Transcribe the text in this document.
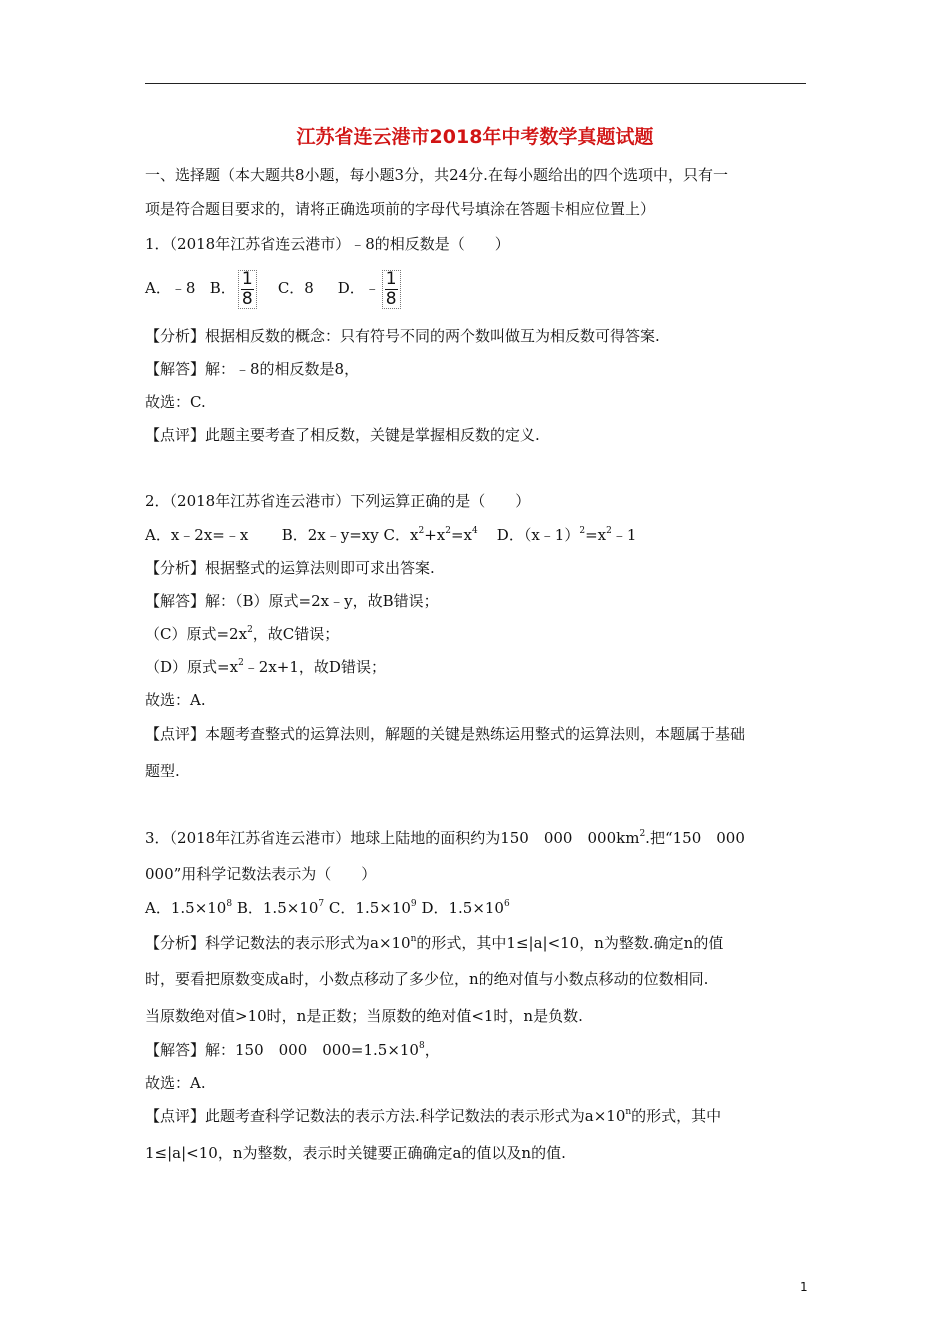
江苏省连云港市2018年中考数学真题试题
一、选择题（本大题共8小题，每小题3分，共24分.在每小题给出的四个选项中，只有一
项是符合题目要求的，请将正确选项前的字母代号填涂在答题卡相应位置上）
1．（2018年江苏省连云港市）﹣8的相反数是（　　）
A．﹣8 B． $\frac{1}{8}$ C．8 D．﹣ $\frac{1}{8}$
【分析】根据相反数的概念：只有符号不同的两个数叫做互为相反数可得答案.
【解答】解：﹣8的相反数是8，
故选：C.
【点评】此题主要考查了相反数，关键是掌握相反数的定义.
2．（2018年江苏省连云港市）下列运算正确的是（　　）
A．x﹣2x=﹣x B．2x﹣y=xy C．$x^2+x^2=x^4$ D．$(x﹣1)^2=x^2﹣1$
【分析】根据整式的运算法则即可求出答案.
【解答】解：（B）原式=2x﹣y，故B错误；
（C）原式$=2x^2$，故C错误；
（D）原式$=x^2﹣2x+1$，故D错误；
故选：A.
【点评】本题考查整式的运算法则，解题的关键是熟练运用整式的运算法则，本题属于基础
题型.
3．（2018年江苏省连云港市）地球上陆地的面积约为150　000　$000km^2$.把“150　000
000”用科学记数法表示为（　　）
A．$1.5\times 10^8$ B．$1.5\times 10^7$ C．$1.5\times 10^9$ D．$1.5\times 10^6$
【分析】科学记数法的表示形式为$a\times 10^n$的形式，其中1≤|a|<10，n为整数.确定n的值
时，要看把原数变成a时，小数点移动了多少位，n的绝对值与小数点移动的位数相同.
当原数绝对值>10时，n是正数；当原数的绝对值<1时，n是负数.
【解答】解：150　000　$000=1.5\times 10^8$，
故选：A.
【点评】此题考查科学记数法的表示方法.科学记数法的表示形式为$a\times 10^n$的形式，其中
1≤|a|<10，n为整数，表示时关键要正确确定a的值以及n的值.
1
